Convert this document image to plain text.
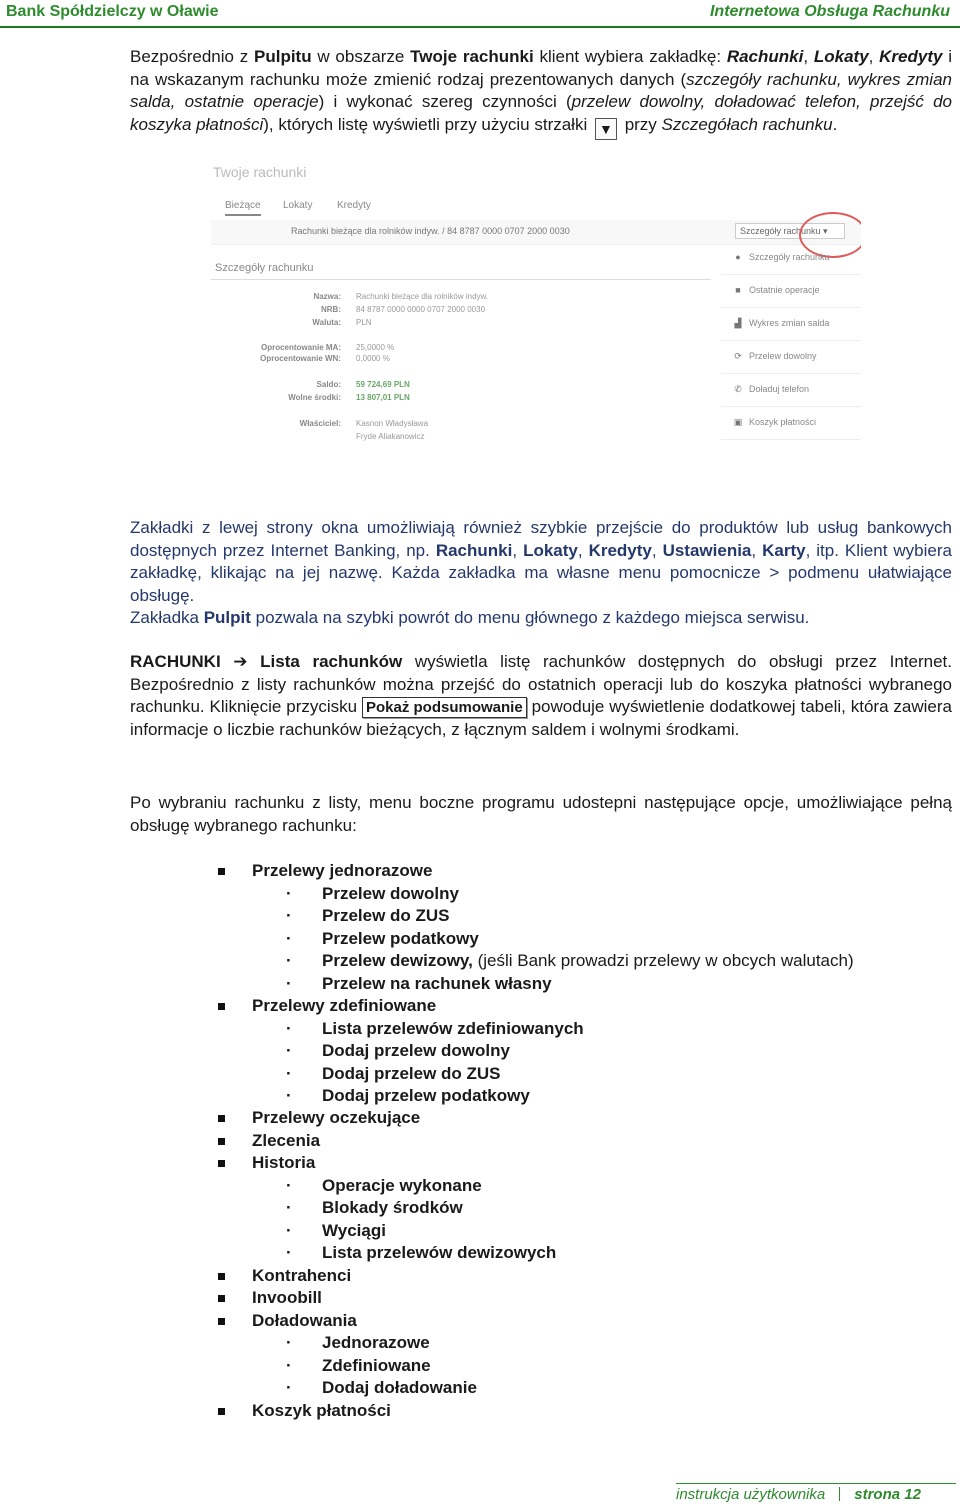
Bank Spółdzielczy w Oławie	Internetowa Obsługa Rachunku
Bezpośrednio z Pulpitu w obszarze Twoje rachunki klient wybiera zakładkę: Rachunki, Lokaty, Kredyty i na wskazanym rachunku może zmienić rodzaj prezentowanych danych (szczegóły rachunku, wykres zmian salda, ostatnie operacje) i wykonać szereg czynności (przelew dowolny, doładować telefon, przejść do koszyka płatności), których listę wyświetli przy użyciu strzałki ▼ przy Szczegółach rachunku.
Twoje rachunki
Bieżące Lokaty Kredyty
Rachunki bieżące dla rolników indyw. / 84 8787 0000 0707 2000 0030	Szczegóły rachunku ▾
Szczegóły rachunku
Nazwa: Rachunki bieżące dla rolników indyw.
NRB: 84 8787 0000 0000 0707 2000 0030
Waluta: PLN
Oprocentowanie MA: 25,0000 %
Oprocentowanie WN: 0,0000 %
Saldo: 59 724,69 PLN
Wolne środki: 13 807,01 PLN
Właściciel: Kasnon Władysława
Fryde Aliakanowicz
● Szczegóły rachunku
■ Ostatnie operacje
▟ Wykres zmian salda
⟳ Przelew dowolny
✆ Doładuj telefon
▣ Koszyk płatności
Zakładki z lewej strony okna umożliwiają również szybkie przejście do produktów lub usług bankowych dostępnych przez Internet Banking, np. Rachunki, Lokaty, Kredyty, Ustawienia, Karty, itp. Klient wybiera zakładkę, klikając na jej nazwę. Każda zakładka ma własne menu pomocnicze > podmenu ułatwiające obsługę.
Zakładka Pulpit pozwala na szybki powrót do menu głównego z każdego miejsca serwisu.
RACHUNKI ➔ Lista rachunków wyświetla listę rachunków dostępnych do obsługi przez Internet. Bezpośrednio z listy rachunków można przejść do ostatnich operacji lub do koszyka płatności wybranego rachunku. Kliknięcie przycisku Pokaż podsumowanie powoduje wyświetlenie dodatkowej tabeli, która zawiera informacje o liczbie rachunków bieżących, z łącznym saldem i wolnymi środkami.
Po wybraniu rachunku z listy, menu boczne programu udostepni następujące opcje, umożliwiające pełną obsługę wybranego rachunku:
Przelewy jednorazowe
· Przelew dowolny
· Przelew do ZUS
· Przelew podatkowy
· Przelew dewizowy, (jeśli Bank prowadzi przelewy w obcych walutach)
· Przelew na rachunek własny
Przelewy zdefiniowane
· Lista przelewów zdefiniowanych
· Dodaj przelew dowolny
· Dodaj przelew do ZUS
· Dodaj przelew podatkowy
Przelewy oczekujące
Zlecenia
Historia
· Operacje wykonane
· Blokady środków
· Wyciągi
· Lista przelewów dewizowych
Kontrahenci
Invoobill
Doładowania
· Jednorazowe
· Zdefiniowane
· Dodaj doładowanie
Koszyk płatności
instrukcja użytkownika strona 12
